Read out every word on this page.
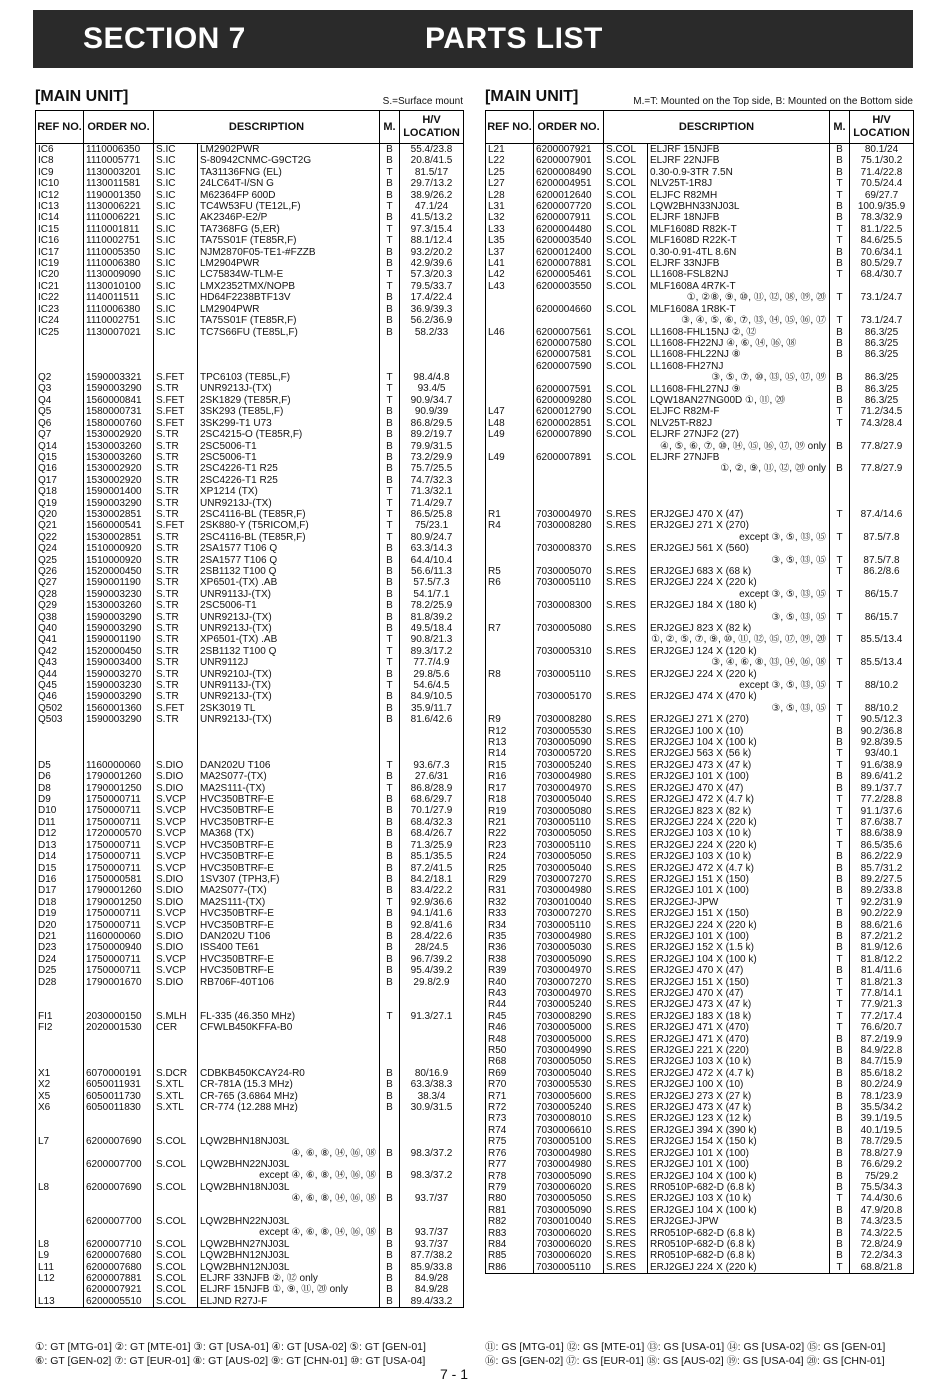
SECTION 7	PARTS LIST
[MAIN UNIT]	S.=Surface mount
REF NO.	ORDER NO.	DESCRIPTION		M.	H/V LOCATION
IC6	1110006350	S.IC	LM2902PWR	B	55.4/23.8
IC8	1110005771	S.IC	S-80942CNMC-G9CT2G	B	20.8/41.5
IC9	1130003201	S.IC	TA31136FNG (EL)	T	81.5/17
IC10	1130011581	S.IC	24LC64T-I/SN G	B	29.7/13.2
IC12	1190001350	S.IC	M62364FP 600D	B	38.9/26.2
IC13	1130006221	S.IC	TC4W53FU (TE12L,F)	T	47.1/24
IC14	1110006221	S.IC	AK2346P-E2/P	B	41.5/13.2
IC15	1110001811	S.IC	TA7368FG (5,ER)	T	97.3/15.4
IC16	1110002751	S.IC	TA75S01F (TE85R,F)	T	88.1/12.4
IC17	1110005350	S.IC	NJM2870F05-TE1-#FZZB	B	93.2/20.2
IC19	1110006380	S.IC	LM2904PWR	B	42.9/39.6
IC20	1130009090	S.IC	LC75834W-TLM-E	T	57.3/20.3
IC21	1130010100	S.IC	LMX2352TMX/NOPB	T	79.5/33.7
IC22	1140011511	S.IC	HD64F2238BTF13V	B	17.4/22.4
IC23	1110006380	S.IC	LM2904PWR	B	36.9/39.3
IC24	1110002751	S.IC	TA75S01F (TE85R,F)	B	56.2/36.9
IC25	1130007021	S.IC	TC7S66FU (TE85L,F)	B	58.2/33

Q2	1590003321	S.FET	TPC6103 (TE85L,F)	T	98.4/4.8
Q3	1590003290	S.TR	UNR9213J-(TX)	T	93.4/5
Q4	1560000841	S.FET	2SK1829 (TE85R,F)	T	90.9/34.7
Q5	1580000731	S.FET	3SK293 (TE85L,F)	B	90.9/39
Q6	1580000760	S.FET	3SK299-T1 U73	B	86.8/29.5
Q7	1530002920	S.TR	2SC4215-O (TE85R,F)	B	89.2/19.7
Q14	1530003260	S.TR	2SC5006-T1	B	79.9/31.5
Q15	1530003260	S.TR	2SC5006-T1	B	73.2/29.9
Q16	1530002920	S.TR	2SC4226-T1 R25	B	75.7/25.5
Q17	1530002920	S.TR	2SC4226-T1 R25	B	74.7/32.3
Q18	1590001400	S.TR	XP1214 (TX)	T	71.3/32.1
Q19	1590003290	S.TR	UNR9213J-(TX)	T	71.4/29.7
Q20	1530002851	S.TR	2SC4116-BL (TE85R,F)	T	86.5/25.8
Q21	1560000541	S.FET	2SK880-Y (T5RICOM,F)	T	75/23.1
Q22	1530002851	S.TR	2SC4116-BL (TE85R,F)	T	80.9/24.7
Q24	1510000920	S.TR	2SA1577 T106 Q	B	63.3/14.3
Q25	1510000920	S.TR	2SA1577 T106 Q	B	64.4/10.4
Q26	1520000450	S.TR	2SB1132 T100 Q	B	56.6/11.3
Q27	1590001190	S.TR	XP6501-(TX) .AB	B	57.5/7.3
Q28	1590003230	S.TR	UNR9113J-(TX)	B	54.1/7.1
Q29	1530003260	S.TR	2SC5006-T1	B	78.2/25.9
Q38	1590003290	S.TR	UNR9213J-(TX)	B	81.8/39.2
Q40	1590003290	S.TR	UNR9213J-(TX)	B	49.5/18.4
Q41	1590001190	S.TR	XP6501-(TX) .AB	T	90.8/21.3
Q42	1520000450	S.TR	2SB1132 T100 Q	T	89.3/17.2
Q43	1590003400	S.TR	UNR9112J	T	77.7/4.9
Q44	1590003270	S.TR	UNR9210J-(TX)	B	29.8/5.6
Q45	1590003230	S.TR	UNR9113J-(TX)	T	54.6/4.5
Q46	1590003290	S.TR	UNR9213J-(TX)	B	84.9/10.5
Q502	1560001360	S.FET	2SK3019 TL	B	35.9/11.7
Q503	1590003290	S.TR	UNR9213J-(TX)	B	81.6/42.6

D5	1160000060	S.DIO	DAN202U T106	T	93.6/7.3
D6	1790001260	S.DIO	MA2S077-(TX)	B	27.6/31
D8	1790001250	S.DIO	MA2S111-(TX)	T	86.8/28.9
D9	1750000711	S.VCP	HVC350BTRF-E	B	68.6/29.7
D10	1750000711	S.VCP	HVC350BTRF-E	B	70.1/27.9
D11	1750000711	S.VCP	HVC350BTRF-E	B	68.4/32.3
D12	1720000570	S.VCP	MA368 (TX)	B	68.4/26.7
D13	1750000711	S.VCP	HVC350BTRF-E	B	71.3/25.9
D14	1750000711	S.VCP	HVC350BTRF-E	B	85.1/35.5
D15	1750000711	S.VCP	HVC350BTRF-E	B	87.2/41.5
D16	1750000581	S.DIO	1SV307 (TPH3,F)	B	84.2/18.1
D17	1790001260	S.DIO	MA2S077-(TX)	B	83.4/22.2
D18	1790001250	S.DIO	MA2S111-(TX)	T	92.9/36.6
D19	1750000711	S.VCP	HVC350BTRF-E	B	94.1/41.6
D20	1750000711	S.VCP	HVC350BTRF-E	B	92.8/41.6
D21	1160000060	S.DIO	DAN202U T106	B	28.4/22.6
D23	1750000940	S.DIO	ISS400 TE61	B	28/24.5
D24	1750000711	S.VCP	HVC350BTRF-E	B	96.7/39.2
D25	1750000711	S.VCP	HVC350BTRF-E	B	95.4/39.2
D28	1790001670	S.DIO	RB706F-40T106	B	29.8/2.9

FI1	2030000150	S.MLH	FL-335 (46.350 MHz)	T	91.3/27.1
FI2	2020001530	CER	CFWLB450KFFA-B0		

X1	6070000191	S.DCR	CDBKB450KCAY24-R0	B	80/16.9
X2	6050011931	S.XTL	CR-781A (15.3 MHz)	B	63.3/38.3
X5	6050011730	S.XTL	CR-765 (3.6864 MHz)	B	38.3/4
X6	6050011830	S.XTL	CR-774 (12.288 MHz)	B	30.9/31.5

L7	6200007690	S.COL	LQW2BHN18NJ03L		
			④, ⑥, ⑧, ⑭, ⑯, ⑱	B	98.3/37.2
	6200007700	S.COL	LQW2BHN22NJ03L		
			except ④, ⑥, ⑧, ⑭, ⑯, ⑱	B	98.3/37.2
L8	6200007690	S.COL	LQW2BHN18NJ03L		
			④, ⑥, ⑧, ⑭, ⑯, ⑱	B	93.7/37

	6200007700	S.COL	LQW2BHN22NJ03L		
			except ④, ⑥, ⑧, ⑭, ⑯, ⑱	B	93.7/37
L8	6200007710	S.COL	LQW2BHN27NJ03L	B	93.7/37
L9	6200007680	S.COL	LQW2BHN12NJ03L	B	87.7/38.2
L11	6200007680	S.COL	LQW2BHN12NJ03L	B	85.9/33.8
L12	6200007881	S.COL	ELJRF 33NJFB ②, ⑫ only	B	84.9/28
	6200007921	S.COL	ELJRF 15NJFB ①, ⑨, ⑪, ⑳ only	B	84.9/28
L13	6200005510	S.COL	ELJND R27J-F	B	89.4/33.2
[MAIN UNIT]	M.=T: Mounted on the Top side, B: Mounted on the Bottom side
REF NO.	ORDER NO.	DESCRIPTION		M.	H/V LOCATION
L21	6200007921	S.COL	ELJRF 15NJFB	B	80.1/24
L22	6200007901	S.COL	ELJRF 22NJFB	B	75.1/30.2
L25	6200008490	S.COL	0.30-0.9-3TR 7.5N	B	71.4/22.8
L27	6200004951	S.COL	NLV25T-1R8J	T	70.5/24.4
L28	6200012640	S.COL	ELJFC R82MH	T	69/27.7
L31	6200007720	S.COL	LQW2BHN33NJ03L	B	100.9/35.9
L32	6200007911	S.COL	ELJRF 18NJFB	B	78.3/32.9
L33	6200004480	S.COL	MLF1608D R82K-T	T	81.1/22.5
L35	6200003540	S.COL	MLF1608D R22K-T	T	84.6/25.5
L37	6200012400	S.COL	0.30-0.91-4TL 8.6N	B	70.6/34.1
L41	6200007881	S.COL	ELJRF 33NJFB	B	80.5/29.7
L42	6200005461	S.COL	LL1608-FSL82NJ	T	68.4/30.7
L43	6200003550	S.COL	MLF1608A 4R7K-T		
			①, ②⑧, ⑨, ⑩, ⑪, ⑫, ⑱, ⑲, ⑳	T	73.1/24.7
	6200004660	S.COL	MLF1608A 1R8K-T		
			③, ④, ⑤, ⑥, ⑦, ⑬, ⑭, ⑮, ⑯, ⑰	T	73.1/24.7
L46	6200007561	S.COL	LL1608-FHL15NJ ②, ⑫	B	86.3/25
	6200007580	S.COL	LL1608-FH22NJ ④, ⑥, ⑭, ⑯, ⑱	B	86.3/25
	6200007581	S.COL	LL1608-FHL22NJ ⑧	B	86.3/25
	6200007590	S.COL	LL1608-FH27NJ		
			③, ⑤, ⑦, ⑩, ⑬, ⑮, ⑰, ⑲	B	86.3/25
	6200007591	S.COL	LL1608-FHL27NJ ⑨	B	86.3/25
	6200009280	S.COL	LQW18AN27NG00D ①, ⑪, ⑳	B	86.3/25
L47	6200012790	S.COL	ELJFC R82M-F	T	71.2/34.5
L48	6200002851	S.COL	NLV25T-R82J	T	74.3/28.4
L49	6200007890	S.COL	ELJRF 27NJF2 (27)		
			④, ⑤, ⑥, ⑦, ⑩, ⑭, ⑮, ⑯, ⑰, ⑲ only	B	77.8/27.9
L49	6200007891	S.COL	ELJRF 27NJFB		
			①, ②, ⑨, ⑪, ⑫, ⑳ only	B	77.8/27.9

R1	7030004970	S.RES	ERJ2GEJ 470 X (47)	T	87.4/14.6
R4	7030008280	S.RES	ERJ2GEJ 271 X (270)		
			except ③, ⑤, ⑬, ⑮	T	87.5/7.8
	7030008370	S.RES	ERJ2GEJ 561 X (560)		
			③, ⑤, ⑬, ⑮	T	87.5/7.8
R5	7030005070	S.RES	ERJ2GEJ 683 X (68 k)	T	86.2/8.6
R6	7030005110	S.RES	ERJ2GEJ 224 X (220 k)		
			except ③, ⑤, ⑬, ⑮	T	86/15.7
	7030008300	S.RES	ERJ2GEJ 184 X (180 k)		
			③, ⑤, ⑬, ⑮	T	86/15.7
R7	7030005080	S.RES	ERJ2GEJ 823 X (82 k)		
			①, ②, ⑤, ⑦, ⑨, ⑩, ⑪, ⑫, ⑮, ⑰, ⑲, ⑳	T	85.5/13.4
	7030005310	S.RES	ERJ2GEJ 124 X (120 k)		
			③, ④, ⑥, ⑧, ⑬, ⑭, ⑯, ⑱	T	85.5/13.4
R8	7030005110	S.RES	ERJ2GEJ 224 X (220 k)		
			except ③, ⑤, ⑬, ⑮	T	88/10.2
	7030005170	S.RES	ERJ2GEJ 474 X (470 k)		
			③, ⑤, ⑬, ⑮	T	88/10.2
R9	7030008280	S.RES	ERJ2GEJ 271 X (270)	T	90.5/12.3
R12	7030005530	S.RES	ERJ2GEJ 100 X (10)	B	90.2/36.8
R13	7030005090	S.RES	ERJ2GEJ 104 X (100 k)	B	92.8/39.5
R14	7030005720	S.RES	ERJ2GEJ 563 X (56 k)	T	93/40.1
R15	7030005240	S.RES	ERJ2GEJ 473 X (47 k)	T	91.6/38.9
R16	7030004980	S.RES	ERJ2GEJ 101 X (100)	B	89.6/41.2
R17	7030004970	S.RES	ERJ2GEJ 470 X (47)	B	89.1/37.7
R18	7030005040	S.RES	ERJ2GEJ 472 X (4.7 k)	T	77.2/28.8
R19	7030005080	S.RES	ERJ2GEJ 823 X (82 k)	T	91.1/37.6
R21	7030005110	S.RES	ERJ2GEJ 224 X (220 k)	T	87.6/38.7
R22	7030005050	S.RES	ERJ2GEJ 103 X (10 k)	T	88.6/38.9
R23	7030005110	S.RES	ERJ2GEJ 224 X (220 k)	T	86.5/35.6
R24	7030005050	S.RES	ERJ2GEJ 103 X (10 k)	B	86.2/22.9
R25	7030005040	S.RES	ERJ2GEJ 472 X (4.7 k)	B	85.7/31.2
R29	7030007270	S.RES	ERJ2GEJ 151 X (150)	B	89.2/27.5
R31	7030004980	S.RES	ERJ2GEJ 101 X (100)	B	89.2/33.8
R32	7030010040	S.RES	ERJ2GEJ-JPW	T	92.2/31.9
R33	7030007270	S.RES	ERJ2GEJ 151 X (150)	B	90.2/22.9
R34	7030005110	S.RES	ERJ2GEJ 224 X (220 k)	B	88.6/21.6
R35	7030004980	S.RES	ERJ2GEJ 101 X (100)	B	87.2/21.2
R36	7030005030	S.RES	ERJ2GEJ 152 X (1.5 k)	B	81.9/12.6
R38	7030005090	S.RES	ERJ2GEJ 104 X (100 k)	T	81.8/12.2
R39	7030004970	S.RES	ERJ2GEJ 470 X (47)	B	81.4/11.6
R40	7030007270	S.RES	ERJ2GEJ 151 X (150)	T	81.8/21.3
R43	7030004970	S.RES	ERJ2GEJ 470 X (47)	T	77.8/14.1
R44	7030005240	S.RES	ERJ2GEJ 473 X (47 k)	T	77.9/21.3
R45	7030008290	S.RES	ERJ2GEJ 183 X (18 k)	T	77.2/17.4
R46	7030005000	S.RES	ERJ2GEJ 471 X (470)	T	76.6/20.7
R48	7030005000	S.RES	ERJ2GEJ 471 X (470)	B	87.2/19.9
R50	7030004990	S.RES	ERJ2GEJ 221 X (220)	B	84.9/22.8
R68	7030005050	S.RES	ERJ2GEJ 103 X (10 k)	B	84.7/15.9
R69	7030005040	S.RES	ERJ2GEJ 472 X (4.7 k)	B	85.6/18.2
R70	7030005530	S.RES	ERJ2GEJ 100 X (10)	B	80.2/24.9
R71	7030005600	S.RES	ERJ2GEJ 273 X (27 k)	B	78.1/23.9
R72	7030005240	S.RES	ERJ2GEJ 473 X (47 k)	B	35.5/34.2
R73	7030008010	S.RES	ERJ2GEJ 123 X (12 k)	B	39.1/19.5
R74	7030006610	S.RES	ERJ2GEJ 394 X (390 k)	B	40.1/19.5
R75	7030005100	S.RES	ERJ2GEJ 154 X (150 k)	B	78.7/29.5
R76	7030004980	S.RES	ERJ2GEJ 101 X (100)	B	78.8/27.9
R77	7030004980	S.RES	ERJ2GEJ 101 X (100)	B	76.6/29.2
R78	7030005090	S.RES	ERJ2GEJ 104 X (100 k)	B	75/29.2
R79	7030006020	S.RES	RR0510P-682-D (6.8 k)	B	75.5/34.3
R80	7030005050	S.RES	ERJ2GEJ 103 X (10 k)	T	74.4/30.6
R81	7030005090	S.RES	ERJ2GEJ 104 X (100 k)	B	47.9/20.8
R82	7030010040	S.RES	ERJ2GEJ-JPW	B	74.3/23.5
R83	7030006020	S.RES	RR0510P-682-D (6.8 k)	B	74.3/22.5
R84	7030006020	S.RES	RR0510P-682-D (6.8 k)	B	72.8/24.9
R85	7030006020	S.RES	RR0510P-682-D (6.8 k)	B	72.2/34.3
R86	7030005110	S.RES	ERJ2GEJ 224 X (220 k)	T	68.8/21.8
①: GT [MTG-01] ②: GT [MTE-01] ③: GT [USA-01] ④: GT [USA-02] ⑤: GT [GEN-01]
⑥: GT [GEN-02] ⑦: GT [EUR-01] ⑧: GT [AUS-02] ⑨: GT [CHN-01] ⑩: GT [USA-04]
⑪: GS [MTG-01] ⑫: GS [MTE-01] ⑬: GS [USA-01] ⑭: GS [USA-02] ⑮: GS [GEN-01]
⑯: GS [GEN-02] ⑰: GS [EUR-01] ⑱: GS [AUS-02] ⑲: GS [USA-04] ⑳: GS [CHN-01]
7 - 1
